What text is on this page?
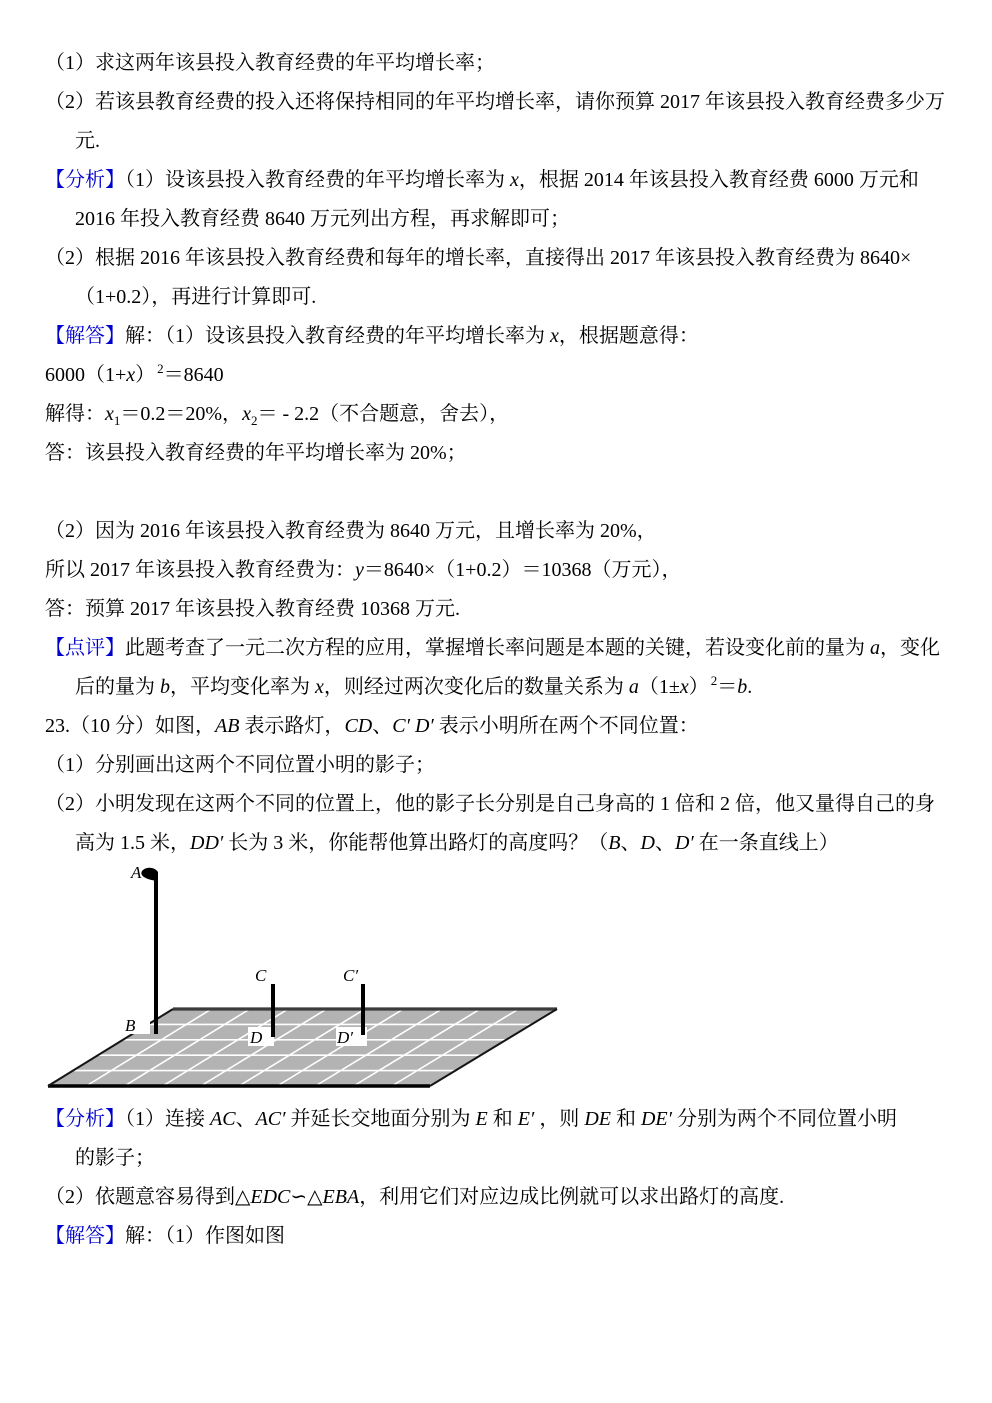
（1）求这两年该县投入教育经费的年平均增长率；
（2）若该县教育经费的投入还将保持相同的年平均增长率，请你预算 2017 年该县投入教育经费多少万
元.
【分析】（1）设该县投入教育经费的年平均增长率为 x，根据 2014 年该县投入教育经费 6000 万元和
2016 年投入教育经费 8640 万元列出方程，再求解即可；
（2）根据 2016 年该县投入教育经费和每年的增长率，直接得出 2017 年该县投入教育经费为 8640×
（1+0.2），再进行计算即可.
【解答】解：（1）设该县投入教育经费的年平均增长率为 x，根据题意得：
6000（1+x） $^2$＝8640
解得：$x_1=0.2=20\%$，$x_2= - 2.2$（不合题意，舍去），
答：该县投入教育经费的年平均增长率为 20%；

（2）因为 2016 年该县投入教育经费为 8640 万元，且增长率为 20%，
所以 2017 年该县投入教育经费为：y＝8640×（1+0.2）＝10368（万元），
答：预算 2017 年该县投入教育经费 10368 万元.
【点评】此题考查了一元二次方程的应用，掌握增长率问题是本题的关键，若设变化前的量为 a，变化
后的量为 b，平均变化率为 x，则经过两次变化后的数量关系为 a（1±x） $^2$＝b.
23.（10 分）如图，AB 表示路灯，CD、C′ D′ 表示小明所在两个不同位置：
（1）分别画出这两个不同位置小明的影子；
（2）小明发现在这两个不同的位置上，他的影子长分别是自己身高的 1 倍和 2 倍，他又量得自己的身
高为 1.5 米，DD′ 长为 3 米，你能帮他算出路灯的高度吗？（B、D、D′ 在一条直线上）
A
B
C
D
C′
D′
【分析】（1）连接 AC、AC′ 并延长交地面分别为 E 和 E′ ，则 DE 和 DE′ 分别为两个不同位置小明
的影子；
（2）依题意容易得到△EDC∽△EBA，利用它们对应边成比例就可以求出路灯的高度.
【解答】解：（1）作图如图
